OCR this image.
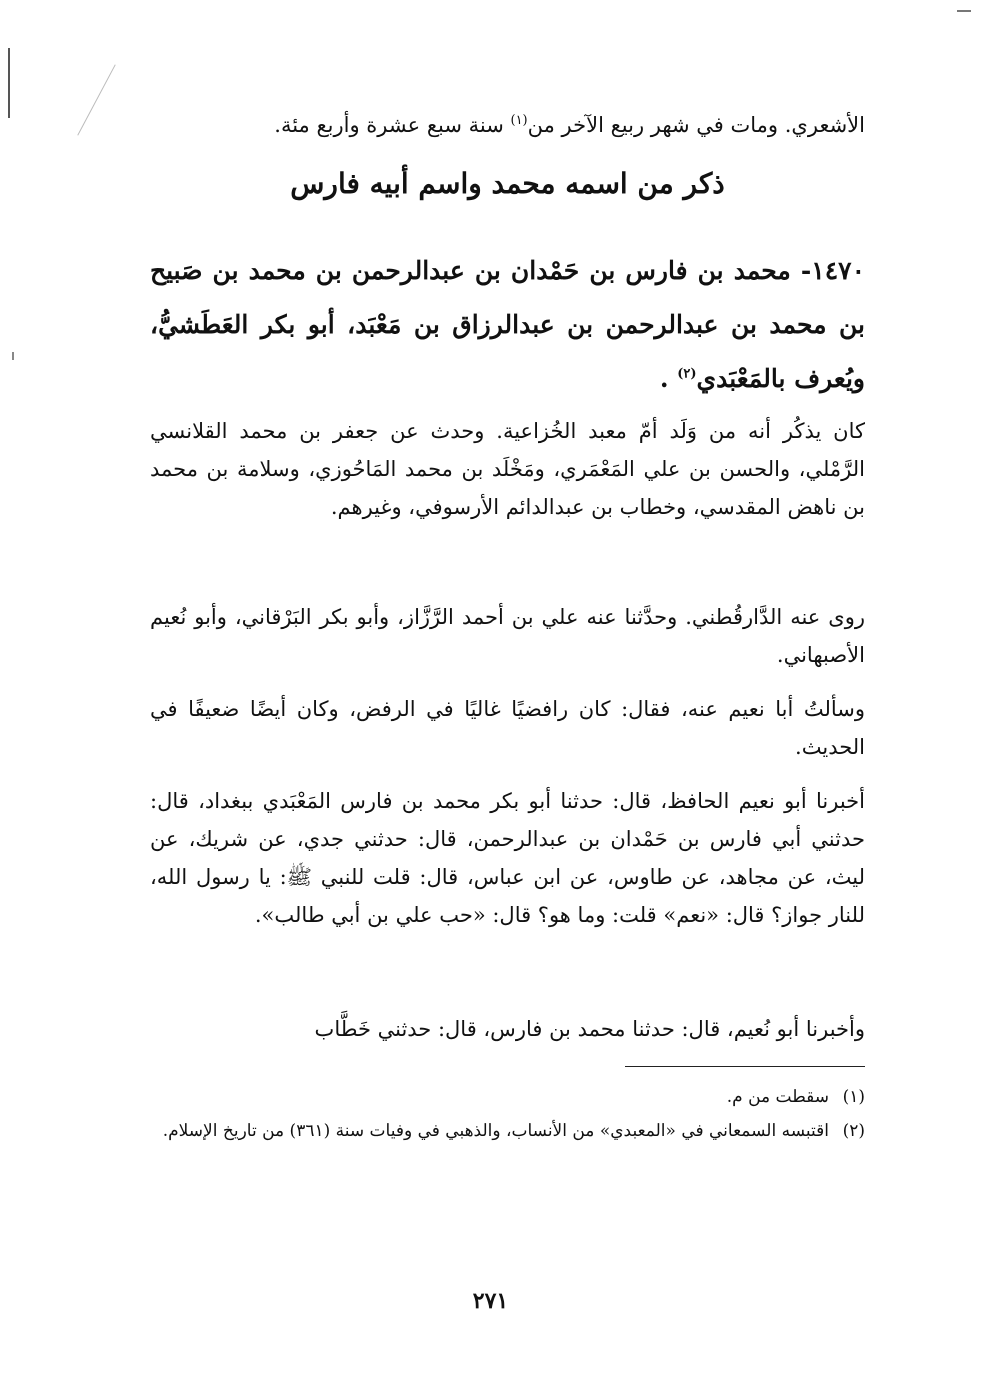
الأشعري. ومات في شهر ربيع الآخر من$^{(١)}$ سنة سبع عشرة وأربع مئة.

ذكر من اسمه محمد واسم أبيه فارس

١٤٧٠- محمد بن فارس بن حَمْدان بن عبدالرحمن بن محمد بن صَبيح بن محمد بن عبدالرحمن بن عبدالرزاق بن مَعْبَد، أبو بكر العَطَشيُّ، ويُعرف بالمَعْبَدي$^{(٢)}$ .

كان يذكُر أنه من وَلَد أمّ معبد الخُزاعية. وحدث عن جعفر بن محمد القلانسي الرَّمْلي، والحسن بن علي المَعْمَري، ومَخْلَد بن محمد المَاحُوزي، وسلامة بن محمد بن ناهض المقدسي، وخطاب بن عبدالدائم الأرسوفي، وغيرهم.

روى عنه الدَّارقُطني. وحدَّثنا عنه علي بن أحمد الرَّزَّاز، وأبو بكر البَرْقاني، وأبو نُعيم الأصبهاني.

وسألتُ أبا نعيم عنه، فقال: كان رافضيًا غاليًا في الرفض، وكان أيضًا ضعيفًا في الحديث.

أخبرنا أبو نعيم الحافظ، قال: حدثنا أبو بكر محمد بن فارس المَعْبَدي ببغداد، قال: حدثني أبي فارس بن حَمْدان بن عبدالرحمن، قال: حدثني جدي، عن شريك، عن ليث، عن مجاهد، عن طاوس، عن ابن عباس، قال: قلت للنبي ﷺ: يا رسول الله، للنار جواز؟ قال: «نعم» قلت: وما هو؟ قال: «حب علي بن أبي طالب».

وأخبرنا أبو نُعيم، قال: حدثنا محمد بن فارس، قال: حدثني خَطَّاب

(١)
سقطت من م.
(٢)
اقتبسه السمعاني في «المعبدي» من الأنساب، والذهبي في وفيات سنة (٣٦١) من تاريخ الإسلام.
٢٧١
